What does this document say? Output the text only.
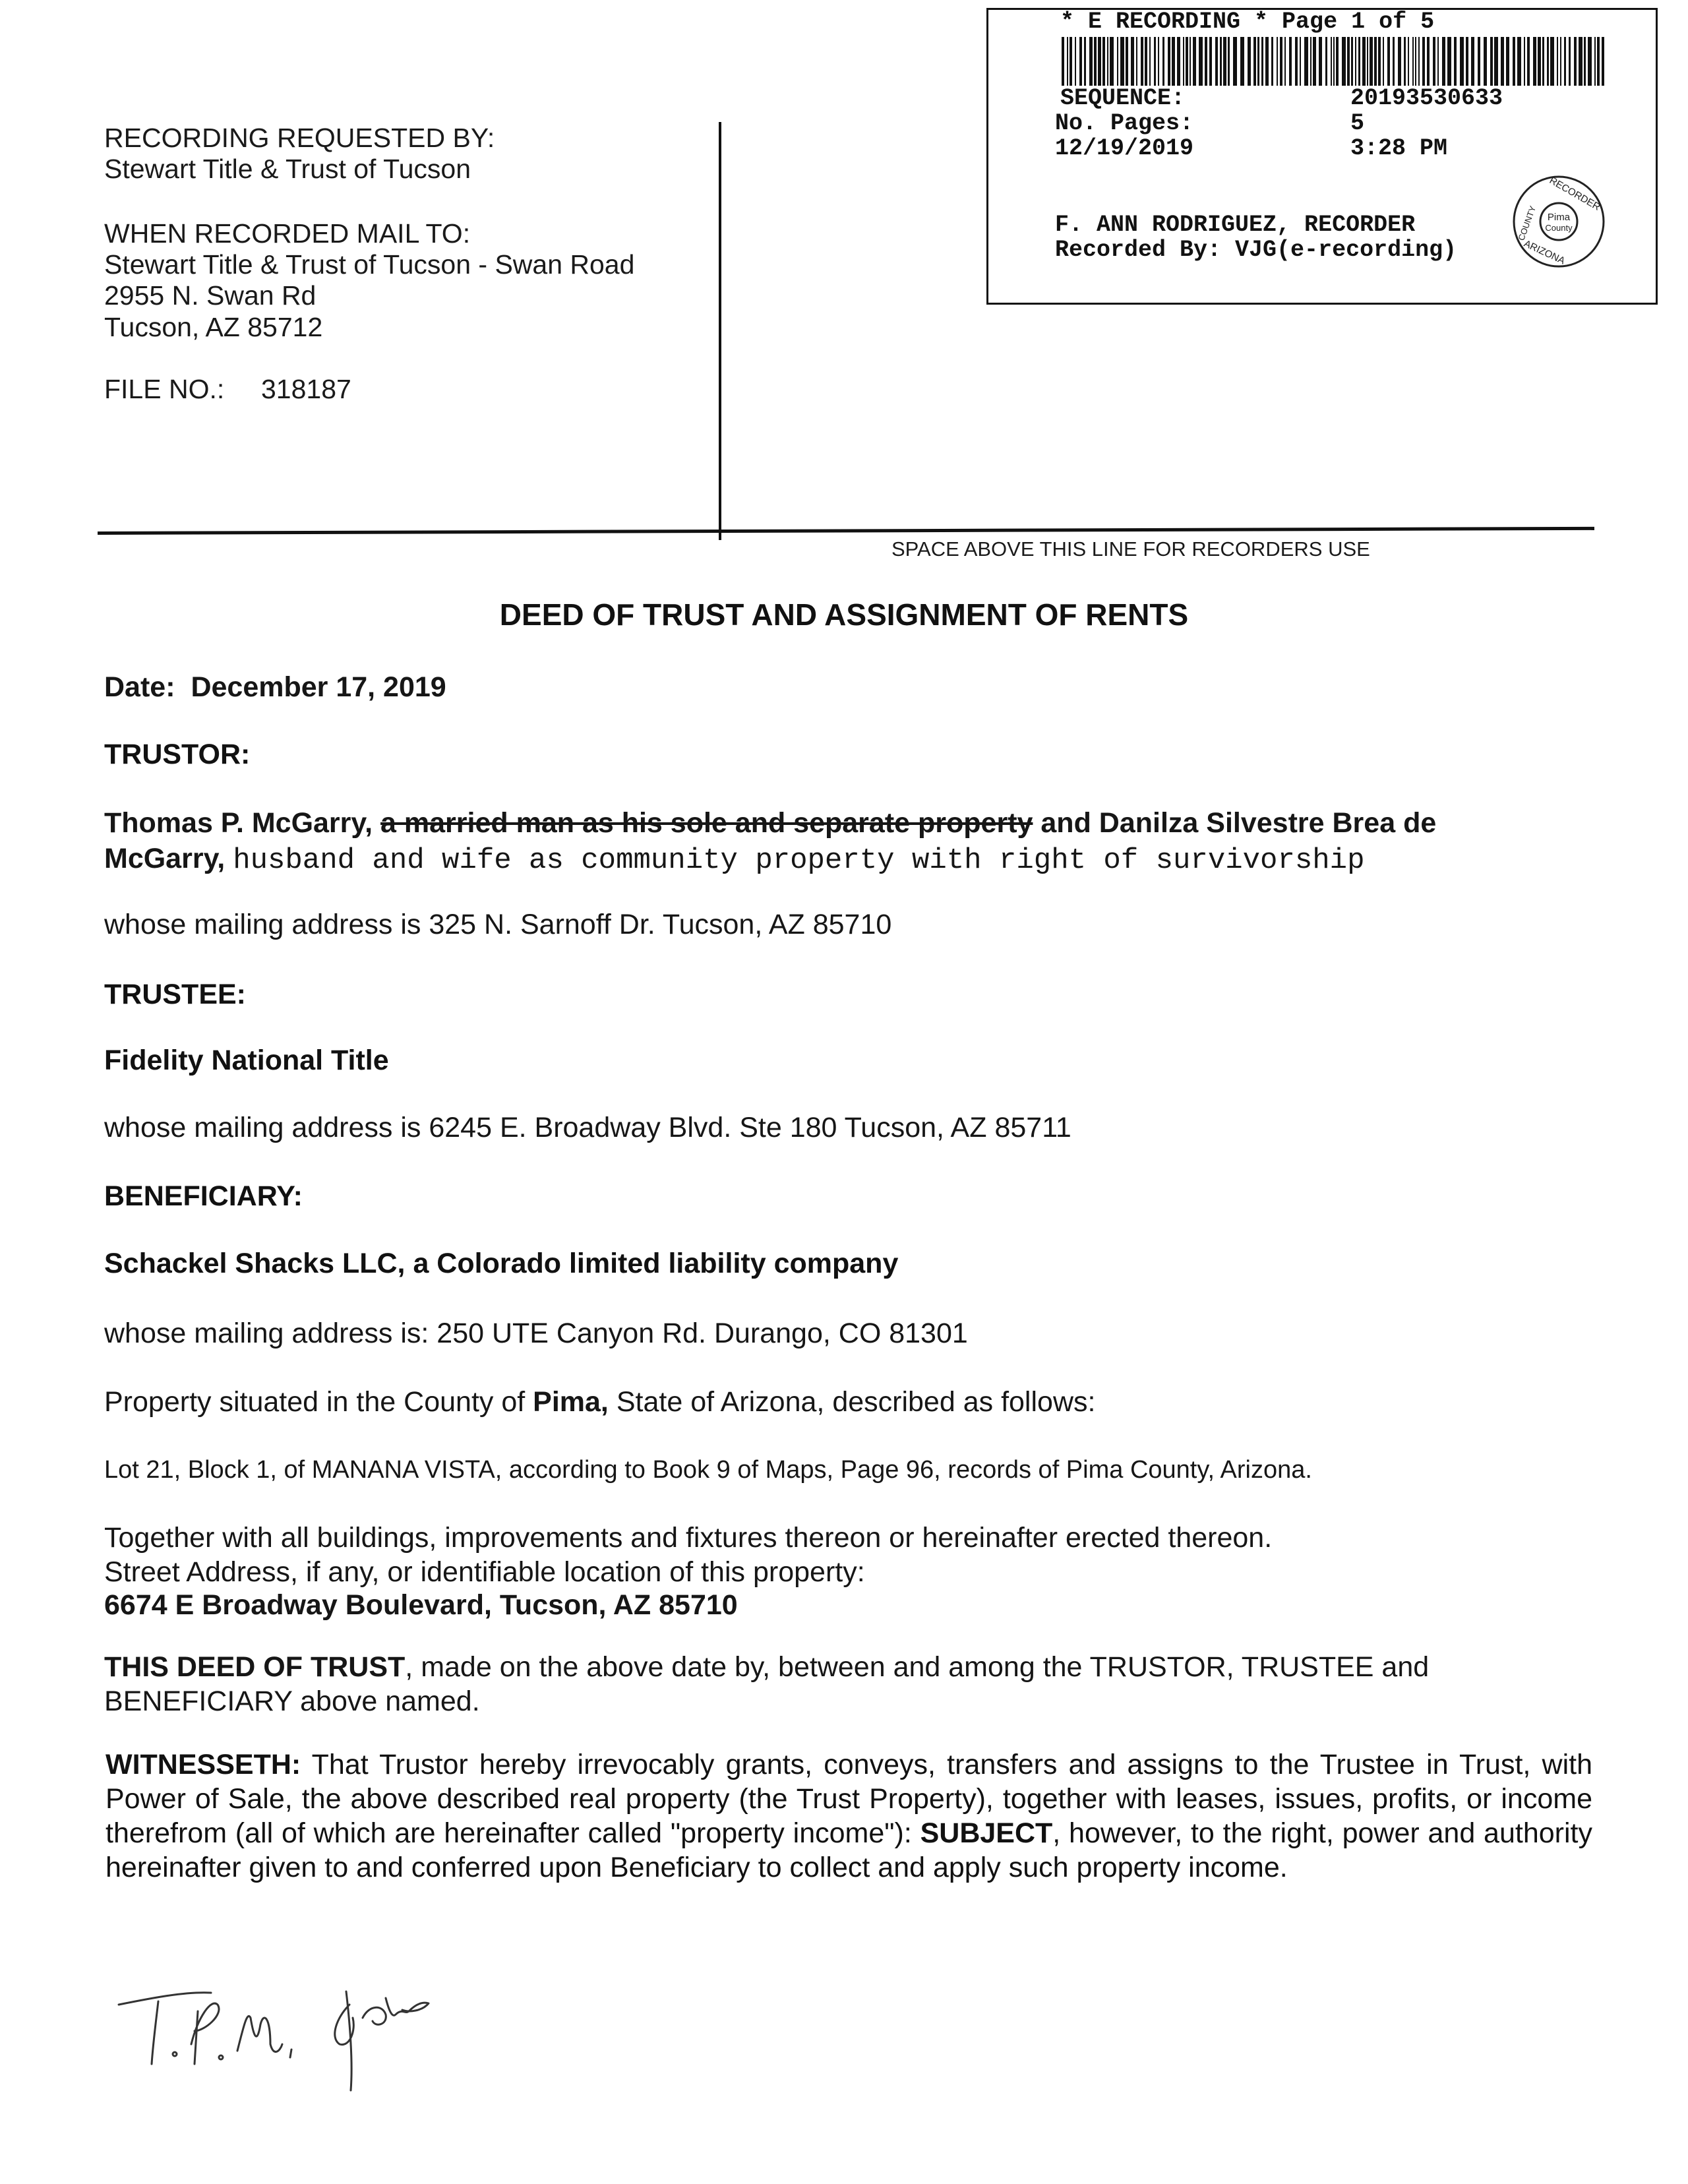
* E RECORDING * Page 1 of 5
SEQUENCE:	20193530633
No. Pages:	5
12/19/2019	3:28 PM
F. ANN RODRIGUEZ, RECORDER
Recorded By: VJG(e-recording)
RECORDER
Pima
County
ARIZONA
COUNTY
RECORDING REQUESTED BY:
Stewart Title & Trust of Tucson
WHEN RECORDED MAIL TO:
Stewart Title & Trust of Tucson - Swan Road
2955 N. Swan Rd
Tucson, AZ 85712
FILE NO.: 318187
SPACE ABOVE THIS LINE FOR RECORDERS USE
DEED OF TRUST AND ASSIGNMENT OF RENTS
Date: December 17, 2019
TRUSTOR:
Thomas P. McGarry, a married man as his sole and separate property and Danilza Silvestre Brea de
McGarry, husband and wife as community property with right of survivorship
whose mailing address is 325 N. Sarnoff Dr. Tucson, AZ 85710
TRUSTEE:
Fidelity National Title
whose mailing address is 6245 E. Broadway Blvd. Ste 180 Tucson, AZ 85711
BENEFICIARY:
Schackel Shacks LLC, a Colorado limited liability company
whose mailing address is: 250 UTE Canyon Rd. Durango, CO 81301
Property situated in the County of Pima, State of Arizona, described as follows:
Lot 21, Block 1, of MANANA VISTA, according to Book 9 of Maps, Page 96, records of Pima County, Arizona.
Together with all buildings, improvements and fixtures thereon or hereinafter erected thereon.
Street Address, if any, or identifiable location of this property:
6674 E Broadway Boulevard, Tucson, AZ 85710
THIS DEED OF TRUST, made on the above date by, between and among the TRUSTOR, TRUSTEE and BENEFICIARY above named.
WITNESSETH: That Trustor hereby irrevocably grants, conveys, transfers and assigns to the Trustee in Trust, with Power of Sale, the above described real property (the Trust Property), together with leases, issues, profits, or income therefrom (all of which are hereinafter called "property income"): SUBJECT, however, to the right, power and authority hereinafter given to and conferred upon Beneficiary to collect and apply such property income.
